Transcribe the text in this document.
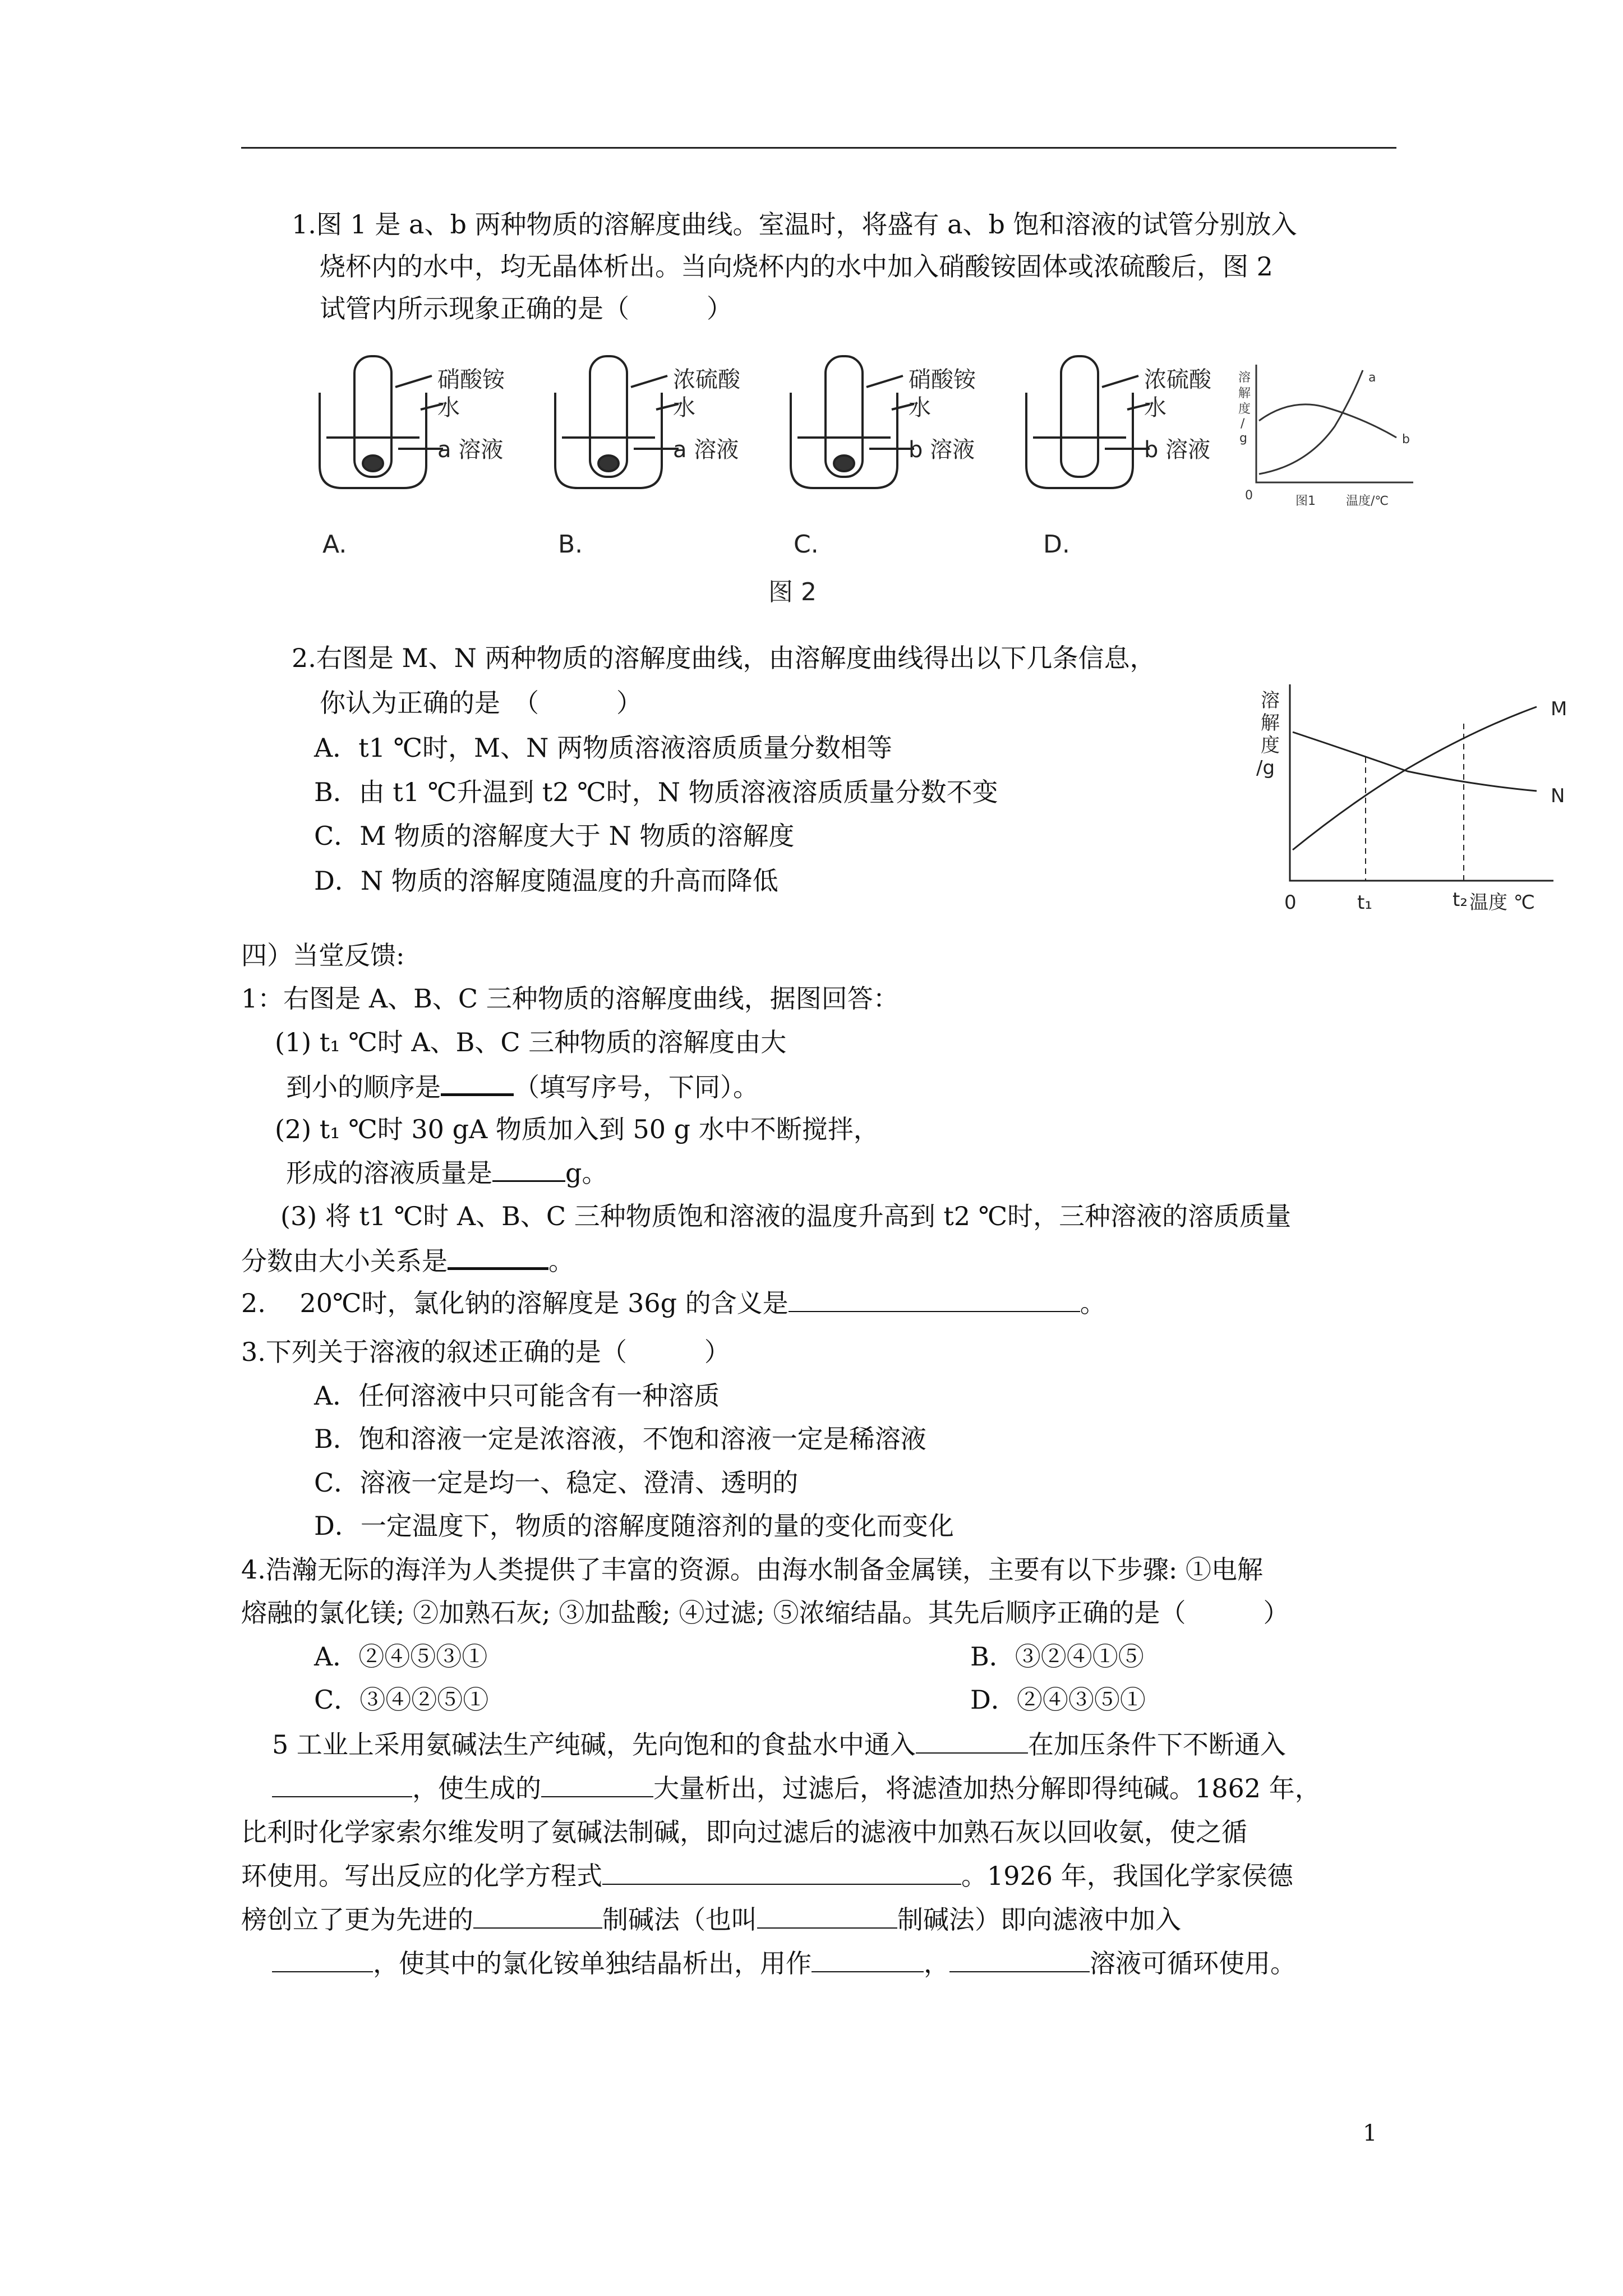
1.图 1 是 a、b 两种物质的溶解度曲线。室温时，将盛有 a、b 饱和溶液的试管分别放入
烧杯内的水中，均无晶体析出。当向烧杯内的水中加入硝酸铵固体或浓硫酸后，图 2
试管内所示现象正确的是（　　　）
硝酸铵
水
a 溶液
A.
浓硫酸
水
a 溶液
B.
硝酸铵
水
b 溶液
C.
浓硫酸
水
b 溶液
D.
图 2
溶
解
度
/
g
a
b
0	图1 温度/℃
2.右图是 M、N 两种物质的溶解度曲线，由溶解度曲线得出以下几条信息，
你认为正确的是　（　　　）
A．t1 ℃时，M、N 两物质溶液溶质质量分数相等
B．由 t1 ℃升温到 t2 ℃时，N 物质溶液溶质质量分数不变
C．M 物质的溶解度大于 N 物质的溶解度
D．N 物质的溶解度随温度的升高而降低
溶
解
度
/g
M
N
0	t₁	t₂ 温度 ℃
四）当堂反馈:
1：右图是 A、B、C 三种物质的溶解度曲线，据图回答：
(1) t₁ ℃时 A、B、C 三种物质的溶解度由大
到小的顺序是	（填写序号，下同）。
(2) t₁ ℃时 30 gA 物质加入到 50 g 水中不断搅拌，
形成的溶液质量是	g。
(3) 将 t1 ℃时 A、B、C 三种物质饱和溶液的温度升高到 t2 ℃时，三种溶液的溶质质量
分数由大小关系是	。
2.　 20℃时，氯化钠的溶解度是 36g 的含义是	。
3.下列关于溶液的叙述正确的是（　　　）
A．任何溶液中只可能含有一种溶质
B．饱和溶液一定是浓溶液，不饱和溶液一定是稀溶液
C．溶液一定是均一、稳定、澄清、透明的
D．一定温度下，物质的溶解度随溶剂的量的变化而变化
4.浩瀚无际的海洋为人类提供了丰富的资源。由海水制备金属镁，主要有以下步骤: ①电解
熔融的氯化镁; ②加熟石灰; ③加盐酸; ④过滤; ⑤浓缩结晶。其先后顺序正确的是（　　　）
A．②④⑤③①	B．③②④①⑤
C．③④②⑤①	D．②④③⑤①
5 工业上采用氨碱法生产纯碱，先向饱和的食盐水中通入	在加压条件下不断通入
，使生成的	大量析出，过滤后，将滤渣加热分解即得纯碱。1862 年，
比利时化学家索尔维发明了氨碱法制碱，即向过滤后的滤液中加熟石灰以回收氨，使之循
环使用。写出反应的化学方程式	。1926 年，我国化学家侯德
榜创立了更为先进的	制碱法（也叫	制碱法）即向滤液中加入
，使其中的氯化铵单独结晶析出，用作	，	溶液可循环使用。
1
